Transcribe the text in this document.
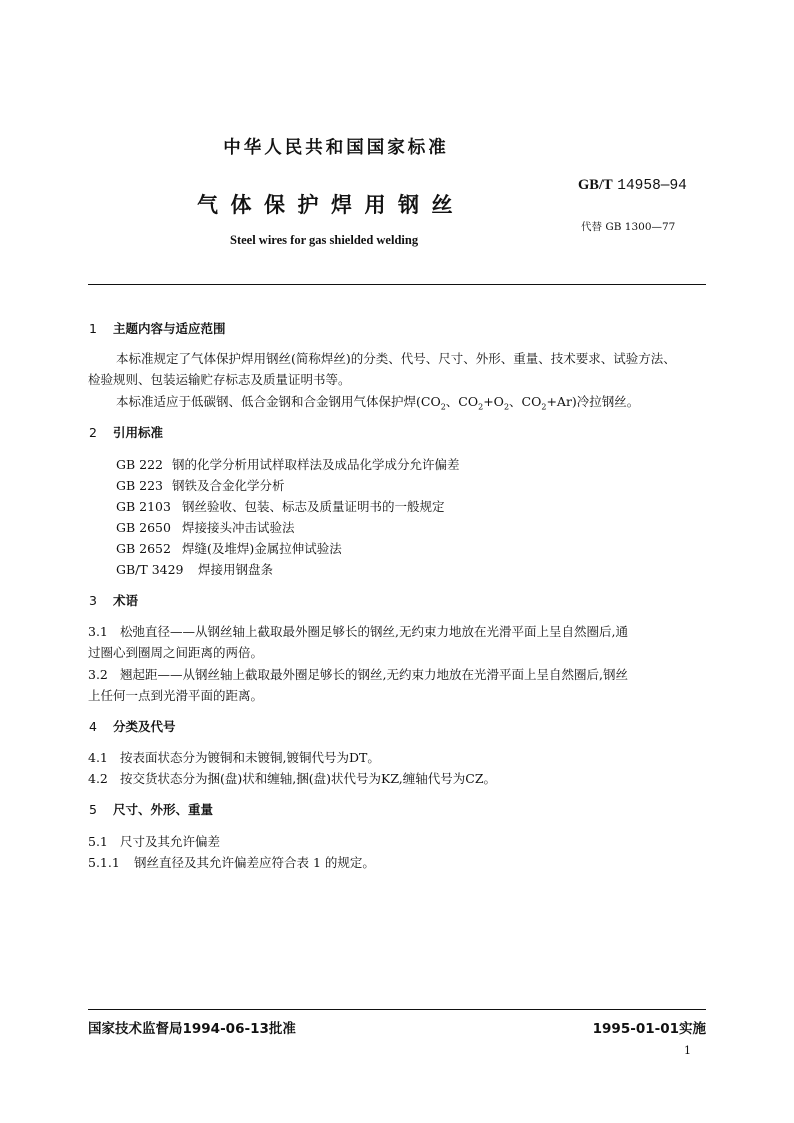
中华人民共和国国家标准
气体保护焊用钢丝
GB/T 14958—94
代替 GB 1300—77
Steel wires for gas shielded welding
1 主题内容与适应范围
本标准规定了气体保护焊用钢丝(简称焊丝)的分类、代号、尺寸、外形、重量、技术要求、试验方法、
检验规则、包装运输贮存标志及质量证明书等。
本标准适应于低碳钢、低合金钢和合金钢用气体保护焊($CO_2$、$CO_2+O_2$、$CO_2+Ar$)冷拉钢丝。
2 引用标准
GB 222 钢的化学分析用试样取样法及成品化学成分允许偏差
GB 223 钢铁及合金化学分析
GB 2103 钢丝验收、包装、标志及质量证明书的一般规定
GB 2650 焊接接头冲击试验法
GB 2652 焊缝(及堆焊)金属拉伸试验法
GB/T 3429 焊接用钢盘条
3 术语
3.1 松弛直径——从钢丝轴上截取最外圈足够长的钢丝,无约束力地放在光滑平面上呈自然圈后,通
过圈心到圈周之间距离的两倍。
3.2 翘起距——从钢丝轴上截取最外圈足够长的钢丝,无约束力地放在光滑平面上呈自然圈后,钢丝
上任何一点到光滑平面的距离。
4 分类及代号
4.1 按表面状态分为镀铜和未镀铜,镀铜代号为DT。
4.2 按交货状态分为捆(盘)状和缠轴,捆(盘)状代号为KZ,缠轴代号为CZ。
5 尺寸、外形、重量
5.1 尺寸及其允许偏差
5.1.1 钢丝直径及其允许偏差应符合表 1 的规定。
国家技术监督局1994-06-13批准	1995-01-01实施
1
